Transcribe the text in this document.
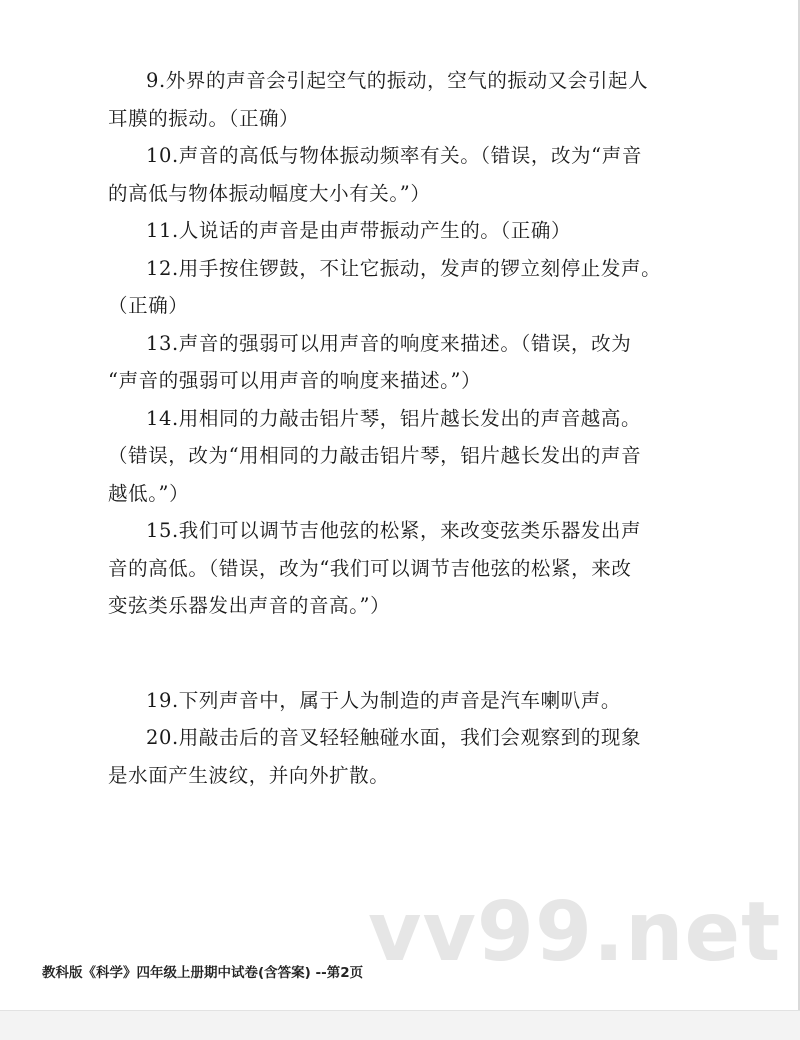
9.外界的声音会引起空气的振动，空气的振动又会引起人
耳膜的振动。（正确）
10.声音的高低与物体振动频率有关。（错误，改为“声音
的高低与物体振动幅度大小有关。”）
11.人说话的声音是由声带振动产生的。（正确）
12.用手按住锣鼓，不让它振动，发声的锣立刻停止发声。
（正确）
13.声音的强弱可以用声音的响度来描述。（错误，改为
“声音的强弱可以用声音的响度来描述。”）
14.用相同的力敲击铝片琴，铝片越长发出的声音越高。
（错误，改为“用相同的力敲击铝片琴，铝片越长发出的声音
越低。”）
15.我们可以调节吉他弦的松紧，来改变弦类乐器发出声
音的高低。（错误，改为“我们可以调节吉他弦的松紧，来改
变弦类乐器发出声音的音高。”）
19.下列声音中，属于人为制造的声音是汽车喇叭声。
20.用敲击后的音叉轻轻触碰水面，我们会观察到的现象
是水面产生波纹，并向外扩散。
vv99.net
教科版《科学》四年级上册期中试卷(含答案) --第2页
